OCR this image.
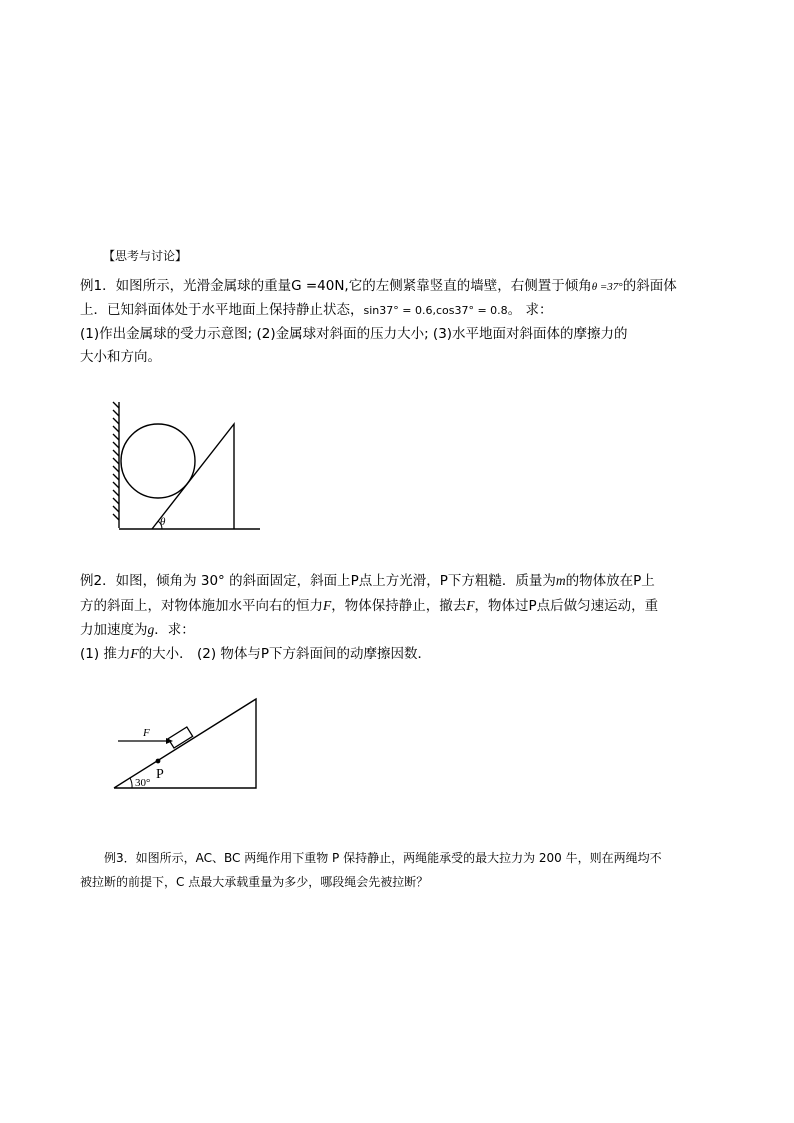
【思考与讨论】
例1．如图所示，光滑金属球的重量G =40N,它的左侧紧靠竖直的墙壁，右侧置于倾角θ =37°的斜面体
上．已知斜面体处于水平地面上保持静止状态，sin37° = 0.6,cos37° = 0.8。 求：
(1)作出金属球的受力示意图; (2)金属球对斜面的压力大小; (3)水平地面对斜面体的摩擦力的
大小和方向。
θ
例2．如图，倾角为 30° 的斜面固定，斜面上P点上方光滑，P下方粗糙．质量为m的物体放在P上
方的斜面上，对物体施加水平向右的恒力F，物体保持静止，撤去F，物体过P点后做匀速运动，重
力加速度为g．求：
(1) 推力F的大小． (2) 物体与P下方斜面间的动摩擦因数．
F
P
30°
例3．如图所示，AC、BC 两绳作用下重物 P 保持静止，两绳能承受的最大拉力为 200 牛，则在两绳均不
被拉断的前提下，C 点最大承载重量为多少，哪段绳会先被拉断？
